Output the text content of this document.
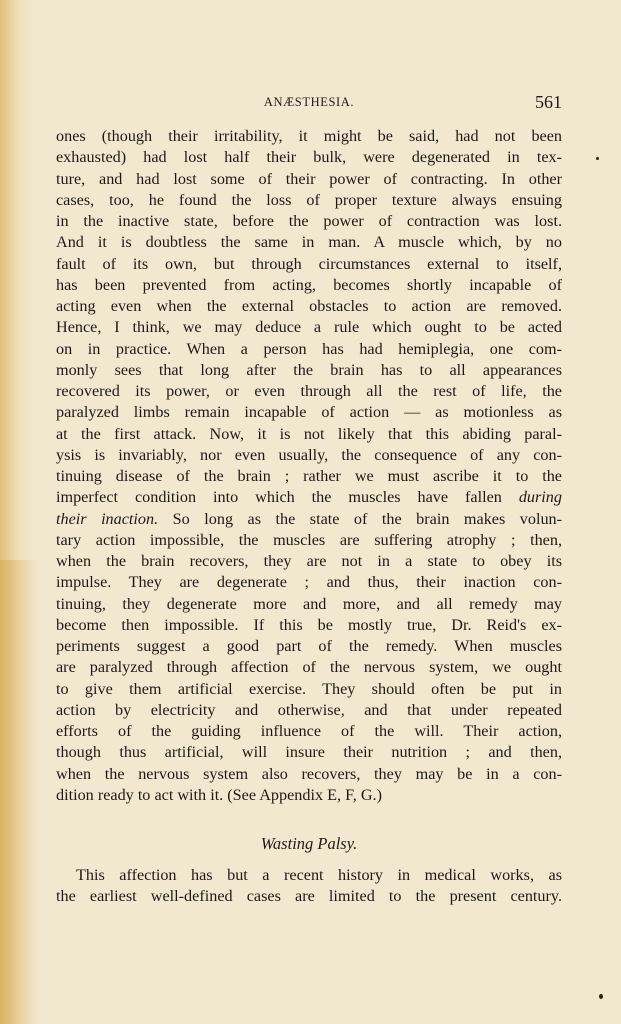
ANÆSTHESIA.	561
ones (though their irritability, it might be said, had not been
exhausted) had lost half their bulk, were degenerated in tex-
ture, and had lost some of their power of contracting. In other
cases, too, he found the loss of proper texture always ensuing
in the inactive state, before the power of contraction was lost.
And it is doubtless the same in man. A muscle which, by no
fault of its own, but through circumstances external to itself,
has been prevented from acting, becomes shortly incapable of
acting even when the external obstacles to action are removed.
Hence, I think, we may deduce a rule which ought to be acted
on in practice. When a person has had hemiplegia, one com-
monly sees that long after the brain has to all appearances
recovered its power, or even through all the rest of life, the
paralyzed limbs remain incapable of action — as motionless as
at the first attack. Now, it is not likely that this abiding paral-
ysis is invariably, nor even usually, the consequence of any con-
tinuing disease of the brain ; rather we must ascribe it to the
imperfect condition into which the muscles have fallen during
their inaction. So long as the state of the brain makes volun-
tary action impossible, the muscles are suffering atrophy ; then,
when the brain recovers, they are not in a state to obey its
impulse. They are degenerate ; and thus, their inaction con-
tinuing, they degenerate more and more, and all remedy may
become then impossible. If this be mostly true, Dr. Reid's ex-
periments suggest a good part of the remedy. When muscles
are paralyzed through affection of the nervous system, we ought
to give them artificial exercise. They should often be put in
action by electricity and otherwise, and that under repeated
efforts of the guiding influence of the will. Their action,
though thus artificial, will insure their nutrition ; and then,
when the nervous system also recovers, they may be in a con-
dition ready to act with it. (See Appendix E, F, G.)
Wasting Palsy.
This affection has but a recent history in medical works, as
the earliest well-defined cases are limited to the present century.
